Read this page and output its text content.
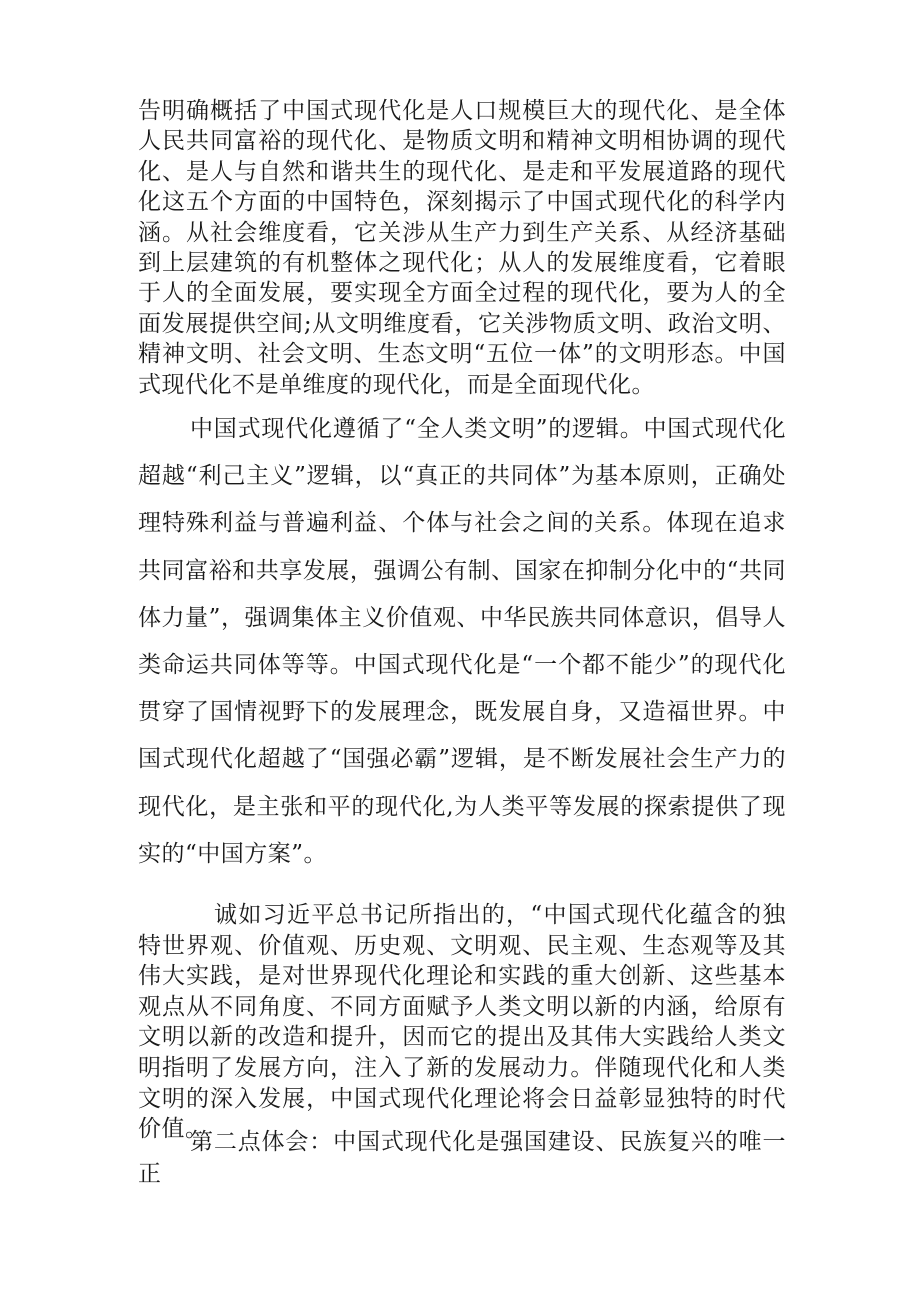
告明确概括了中国式现代化是人口规模巨大的现代化、是全体人民共同富裕的现代化、是物质文明和精神文明相协调的现代化、是人与自然和谐共生的现代化、是走和平发展道路的现代化这五个方面的中国特色，深刻揭示了中国式现代化的科学内涵。从社会维度看，它关涉从生产力到生产关系、从经济基础到上层建筑的有机整体之现代化；从人的发展维度看，它着眼于人的全面发展，要实现全方面全过程的现代化，要为人的全面发展提供空间;从文明维度看，它关涉物质文明、政治文明、精神文明、社会文明、生态文明“五位一体”的文明形态。中国式现代化不是单维度的现代化，而是全面现代化。

中国式现代化遵循了“全人类文明”的逻辑。中国式现代化超越“利己主义”逻辑，以“真正的共同体”为基本原则，正确处理特殊利益与普遍利益、个体与社会之间的关系。体现在追求共同富裕和共享发展，强调公有制、国家在抑制分化中的“共同体力量”，强调集体主义价值观、中华民族共同体意识，倡导人类命运共同体等等。中国式现代化是“一个都不能少”的现代化贯穿了国情视野下的发展理念，既发展自身，又造福世界。中国式现代化超越了“国强必霸”逻辑，是不断发展社会生产力的现代化，是主张和平的现代化,为人类平等发展的探索提供了现实的“中国方案”。

诚如习近平总书记所指出的，“中国式现代化蕴含的独特世界观、价值观、历史观、文明观、民主观、生态观等及其伟大实践，是对世界现代化理论和实践的重大创新、这些基本观点从不同角度、不同方面赋予人类文明以新的内涵，给原有文明以新的改造和提升，因而它的提出及其伟大实践给人类文明指明了发展方向，注入了新的发展动力。伴随现代化和人类文明的深入发展，中国式现代化理论将会日益彰显独特的时代价值。

第二点体会：中国式现代化是强国建设、民族复兴的唯一正
